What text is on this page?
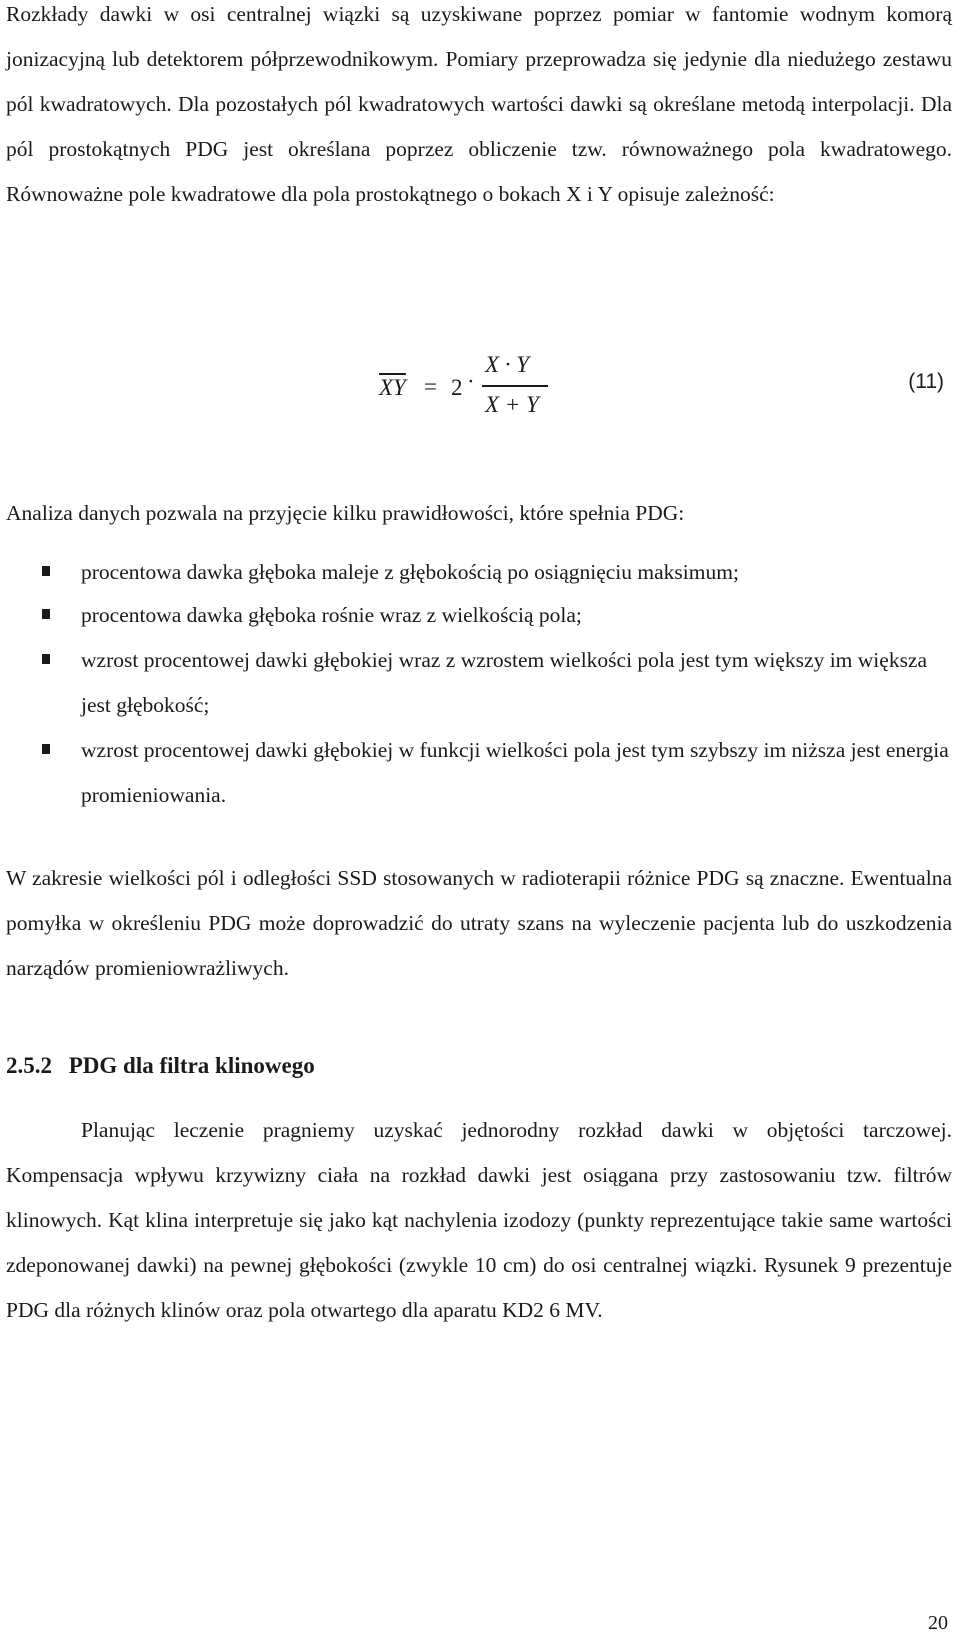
Rozkłady dawki w osi centralnej wiązki są uzyskiwane poprzez pomiar w fantomie wodnym komorą jonizacyjną lub detektorem półprzewodnikowym. Pomiary przeprowadza się jedynie dla niedużego zestawu pól kwadratowych. Dla pozostałych pól kwadratowych wartości dawki są określane metodą interpolacji. Dla pól prostokątnych PDG jest określana poprzez obliczenie tzw. równoważnego pola kwadratowego. Równoważne pole kwadratowe dla pola prostokątnego o bokach X i Y opisuje zależność:

$\overline{XY} = 2$ ·
X · Y
X + Y
(11)

Analiza danych pozwala na przyjęcie kilku prawidłowości, które spełnia PDG:

procentowa dawka głęboka maleje z głębokością po osiągnięciu maksimum;
procentowa dawka głęboka rośnie wraz z wielkością pola;
wzrost procentowej dawki głębokiej wraz z wzrostem wielkości pola jest tym większy im większa jest głębokość;
wzrost procentowej dawki głębokiej w funkcji wielkości pola jest tym szybszy im niższa jest energia promieniowania.

W zakresie wielkości pól i odległości SSD stosowanych w radioterapii różnice PDG są znaczne. Ewentualna pomyłka w określeniu PDG może doprowadzić do utraty szans na wyleczenie pacjenta lub do uszkodzenia narządów promieniowrażliwych.

2.5.2 PDG dla filtra klinowego

Planując leczenie pragniemy uzyskać jednorodny rozkład dawki w objętości tarczowej. Kompensacja wpływu krzywizny ciała na rozkład dawki jest osiągana przy zastosowaniu tzw. filtrów klinowych. Kąt klina interpretuje się jako kąt nachylenia izodozy (punkty reprezentujące takie same wartości zdeponowanej dawki) na pewnej głębokości (zwykle 10 cm) do osi centralnej wiązki. Rysunek 9 prezentuje PDG dla różnych klinów oraz pola otwartego dla aparatu KD2 6 MV.

20
